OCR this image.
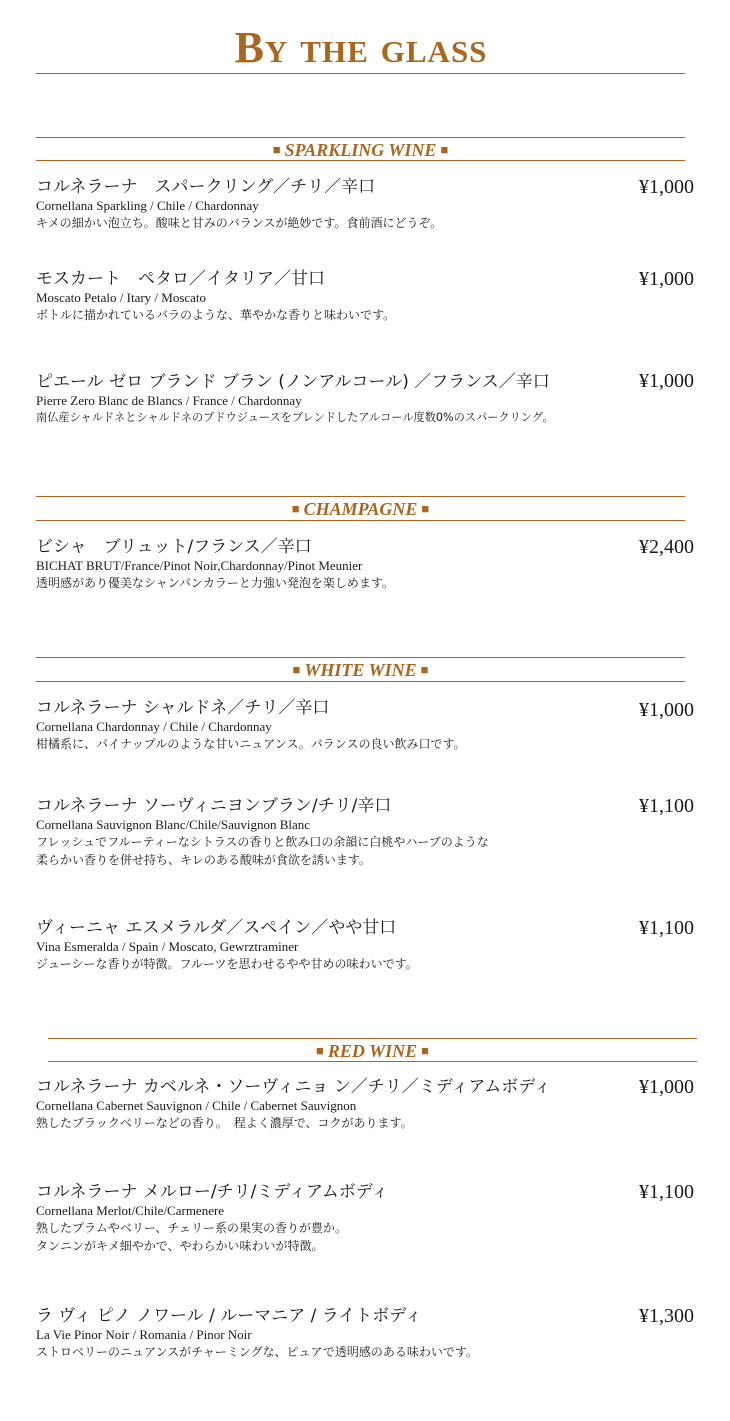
By the glass
■ SPARKLING WINE ■
コルネラーナ　スパークリング／チリ／辛口
Cornellana Sparkling / Chile / Chardonnay
キメの細かい泡立ち。酸味と甘みのバランスが絶妙です。食前酒にどうぞ。
¥1,000
モスカート　ペタロ／イタリア／甘口
Moscato Petalo / Itary / Moscato
ボトルに描かれているバラのような、華やかな香りと味わいです。
¥1,000
ピエール ゼロ ブランド ブラン (ノンアルコール) ／フランス／辛口
Pierre Zero Blanc de Blancs / France / Chardonnay
南仏産シャルドネとシャルドネのブドウジュースをブレンドしたアルコール度数0%のスパークリング。
¥1,000
■ CHAMPAGNE ■
ビシャ　ブリュット/フランス／辛口
BICHAT BRUT/France/Pinot Noir,Chardonnay/Pinot Meunier
透明感があり優美なシャンパンカラーと力強い発泡を楽しめます。
¥2,400
■ WHITE WINE ■
コルネラーナ シャルドネ／チリ／辛口
Cornellana Chardonnay / Chile / Chardonnay
柑橘系に、パイナップルのような甘いニュアンス。バランスの良い飲み口です。
¥1,000
コルネラーナ ソーヴィニヨンブラン/チリ/辛口
Cornellana Sauvignon Blanc/Chile/Sauvignon Blanc
フレッシュでフルーティーなシトラスの香りと飲み口の余韻に白桃やハーブのような
柔らかい香りを併せ持ち、キレのある酸味が食欲を誘います。
¥1,100
ヴィーニャ エスメラルダ／スペイン／やや甘口
Vina Esmeralda / Spain / Moscato, Gewrztraminer
ジューシーな香りが特徴。フルーツを思わせるやや甘めの味わいです。
¥1,100
■ RED WINE ■
コルネラーナ カベルネ・ソーヴィニョ ン／チリ／ミディアムボディ
Cornellana Cabernet Sauvignon / Chile / Cabernet Sauvignon
熟したブラックベリーなどの香り。　程よく濃厚で、コクがあります。
¥1,000
コルネラーナ メルロー/チリ/ミディアムボディ
Cornellana Merlot/Chile/Carmenere
熟したプラムやベリー、チェリー系の果実の香りが豊か。
タンニンがキメ細やかで、やわらかい味わいが特徴。
¥1,100
ラ ヴィ ピノ ノワール / ルーマニア / ライトボディ
La Vie Pinor Noir / Romania / Pinor Noir
ストロベリーのニュアンスがチャーミングな、ピュアで透明感のある味わいです。
¥1,300
